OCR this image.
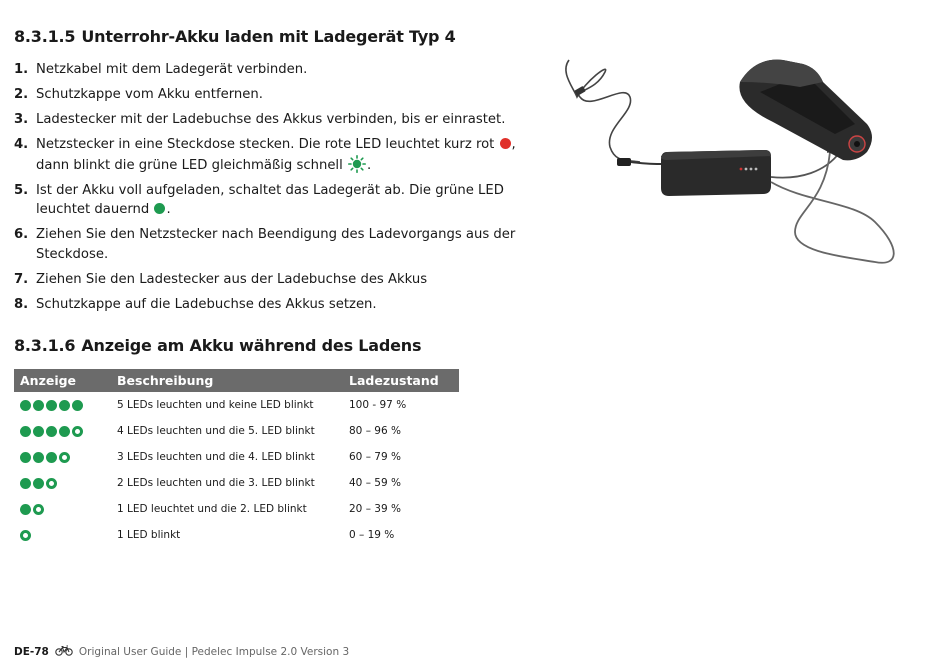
8.3.1.5 Unterrohr-Akku laden mit Ladegerät Typ 4
1. Netzkabel mit dem Ladegerät verbinden.
2. Schutzkappe vom Akku entfernen.
3. Ladestecker mit der Ladebuchse des Akkus verbinden, bis er einrastet.
4. Netzstecker in eine Steckdose stecken. Die rote LED leuchtet kurz rot , dann blinkt die grüne LED gleichmäßig schnell .
5. Ist der Akku voll aufgeladen, schaltet das Ladegerät ab. Die grüne LED leuchtet dauernd .
6. Ziehen Sie den Netzstecker nach Beendigung des Ladevorgangs aus der Steckdose.
7. Ziehen Sie den Ladestecker aus der Ladebuchse des Akkus
8. Schutzkappe auf die Ladebuchse des Akkus setzen.
8.3.1.6 Anzeige am Akku während des Ladens
Anzeige	Beschreibung	Ladezustand
	5 LEDs leuchten und keine LED blinkt	100 - 97 %
	4 LEDs leuchten und die 5. LED blinkt	80 – 96 %
	3 LEDs leuchten und die 4. LED blinkt	60 – 79 %
	2 LEDs leuchten und die 3. LED blinkt	40 – 59 %
	1 LED leuchtet und die 2. LED blinkt	20 – 39 %
	1 LED blinkt	0 – 19 %
DE-78	Original User Guide | Pedelec Impulse 2.0 Version 3
